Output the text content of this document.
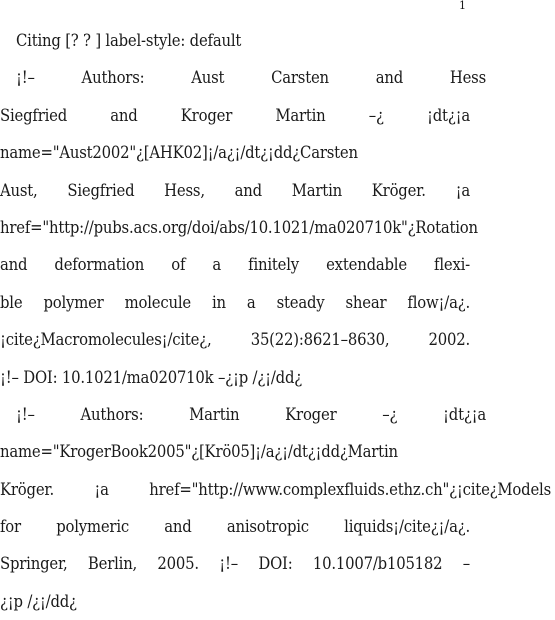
1
Citing [? ? ] label-style: default
¡!– Authors: Aust Carsten and Hess
Siegfried and Kroger Martin –¿ ¡dt¿¡a
name="Aust2002"¿[AHK02]¡/a¿¡/dt¿¡dd¿Carsten
Aust, Siegfried Hess, and Martin Kröger. ¡a
href="http://pubs.acs.org/doi/abs/10.1021/ma020710k"¿Rotation
and deformation of a finitely extendable flexi-
ble polymer molecule in a steady shear flow¡/a¿.
¡cite¿Macromolecules¡/cite¿, 35(22):8621–8630, 2002.
¡!– DOI: 10.1021/ma020710k –¿¡p /¿¡/dd¿
¡!– Authors: Martin Kroger –¿ ¡dt¿¡a
name="KrogerBook2005"¿[Krö05]¡/a¿¡/dt¿¡dd¿Martin
Kröger. ¡a href="http://www.complexfluids.ethz.ch"¿¡cite¿Models
for polymeric and anisotropic liquids¡/cite¿¡/a¿.
Springer, Berlin, 2005. ¡!– DOI: 10.1007/b105182 –
¿¡p /¿¡/dd¿
